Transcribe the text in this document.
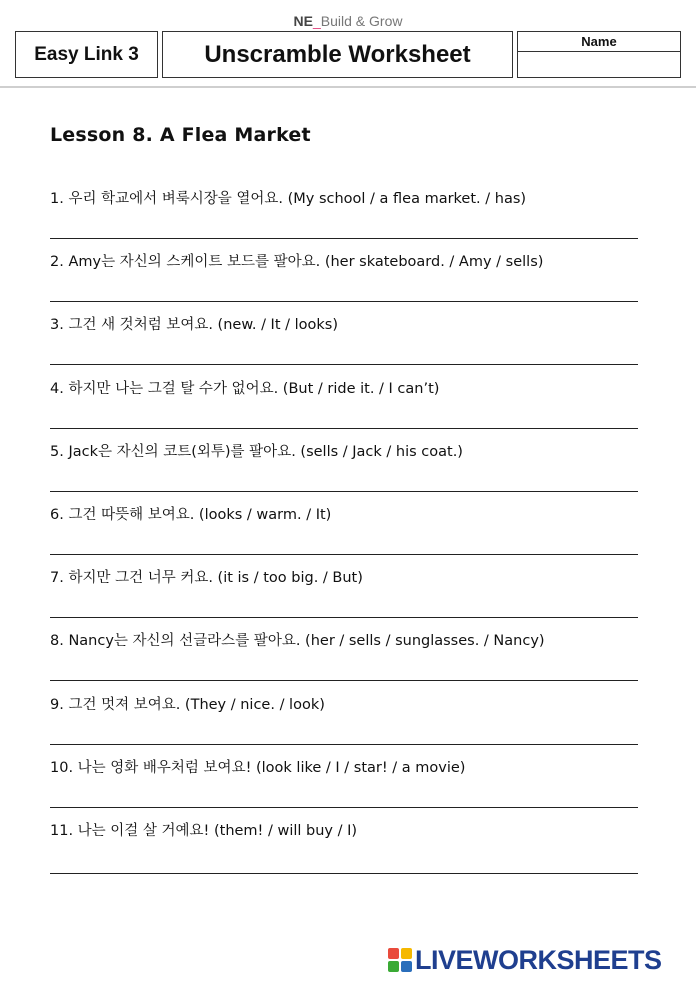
NE_Build & Grow
Easy Link 3	Unscramble Worksheet	Name
Lesson 8. A Flea Market
1. 우리 학교에서 벼룩시장을 열어요. (My school / a flea market. / has)
2. Amy는 자신의 스케이트 보드를 팔아요. (her skateboard. / Amy / sells)
3. 그건 새 것처럼 보여요. (new. / It / looks)
4. 하지만 나는 그걸 탈 수가 없어요. (But / ride it. / I can’t)
5. Jack은 자신의 코트(외투)를 팔아요. (sells / Jack / his coat.)
6. 그건 따뜻해 보여요. (looks / warm. / It)
7. 하지만 그건 너무 커요. (it is / too big. / But)
8. Nancy는 자신의 선글라스를 팔아요. (her / sells / sunglasses. / Nancy)
9. 그건 멋져 보여요. (They / nice. / look)
10. 나는 영화 배우처럼 보여요! (look like / I / star! / a movie)
11. 나는 이걸 살 거예요! (them! / will buy / I)
LIVEWORKSHEETS
